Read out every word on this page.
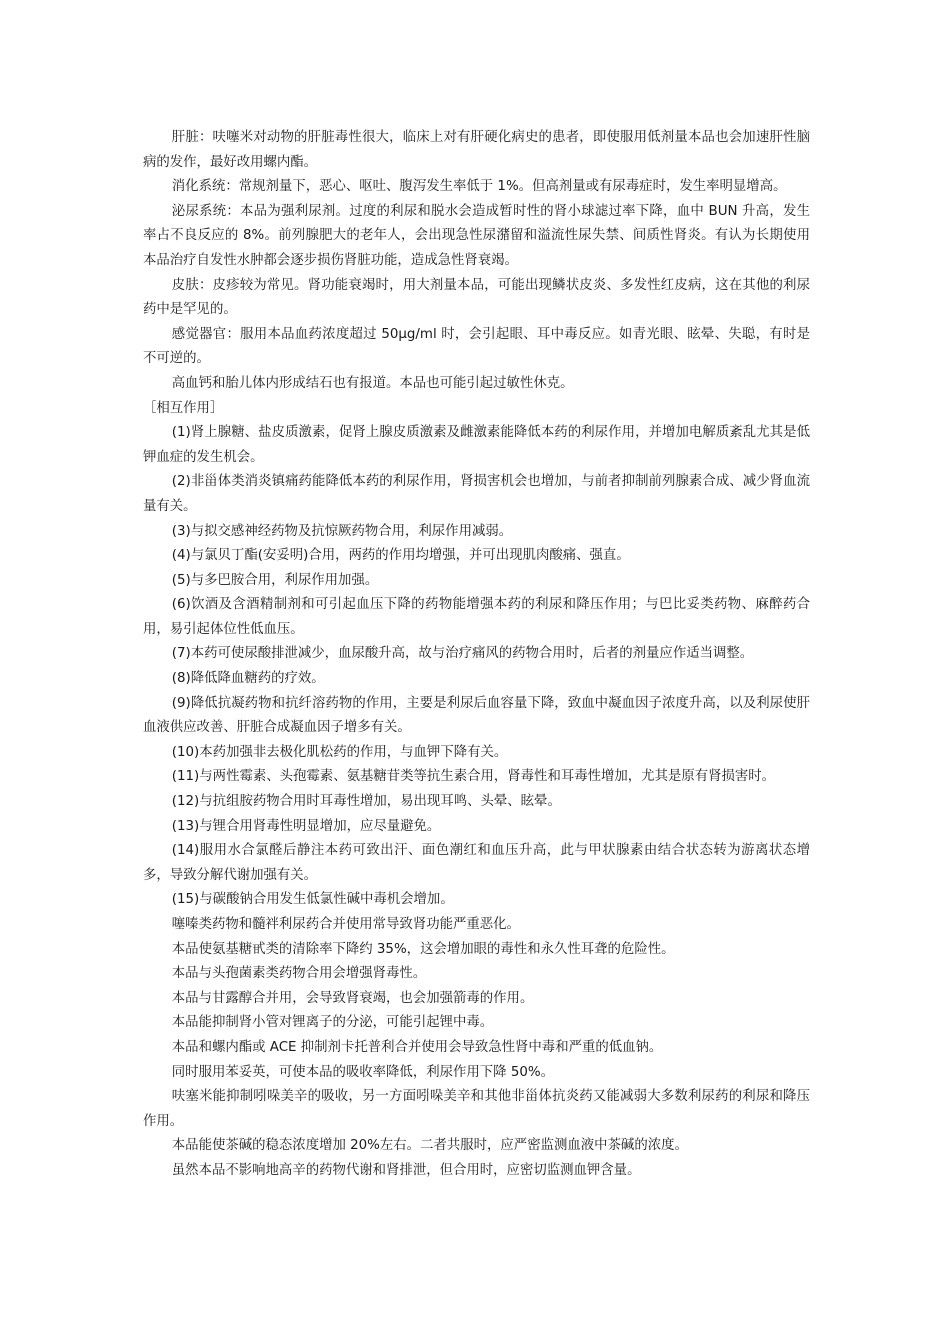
肝脏：呋噻米对动物的肝脏毒性很大，临床上对有肝硬化病史的患者，即使服用低剂量本品也会加速肝性脑病的发作，最好改用螺内酯。

消化系统：常规剂量下，恶心、呕吐、腹泻发生率低于 1%。但高剂量或有尿毒症时，发生率明显增高。

泌尿系统：本品为强利尿剂。过度的利尿和脱水会造成暂时性的肾小球滤过率下降，血中 BUN 升高，发生率占不良反应的 8%。前列腺肥大的老年人，会出现急性尿潴留和溢流性尿失禁、间质性肾炎。有认为长期使用本品治疗自发性水肿都会逐步损伤肾脏功能，造成急性肾衰竭。

皮肤：皮疹较为常见。肾功能衰竭时，用大剂量本品，可能出现鳞状皮炎、多发性红皮病，这在其他的利尿药中是罕见的。

感觉器官：服用本品血药浓度超过 50μg/ml 时，会引起眼、耳中毒反应。如青光眼、眩晕、失聪，有时是不可逆的。

高血钙和胎儿体内形成结石也有报道。本品也可能引起过敏性休克。

［相互作用］

(1)肾上腺糖、盐皮质激素，促肾上腺皮质激素及雌激素能降低本药的利尿作用，并增加电解质紊乱尤其是低钾血症的发生机会。

(2)非甾体类消炎镇痛药能降低本药的利尿作用，肾损害机会也增加，与前者抑制前列腺素合成、减少肾血流量有关。

(3)与拟交感神经药物及抗惊厥药物合用，利尿作用减弱。

(4)与氯贝丁酯(安妥明)合用，两药的作用均增强，并可出现肌肉酸痛、强直。

(5)与多巴胺合用，利尿作用加强。

(6)饮酒及含酒精制剂和可引起血压下降的药物能增强本药的利尿和降压作用；与巴比妥类药物、麻醉药合用，易引起体位性低血压。

(7)本药可使尿酸排泄减少，血尿酸升高，故与治疗痛风的药物合用时，后者的剂量应作适当调整。

(8)降低降血糖药的疗效。

(9)降低抗凝药物和抗纤溶药物的作用，主要是利尿后血容量下降，致血中凝血因子浓度升高，以及利尿使肝血液供应改善、肝脏合成凝血因子增多有关。

(10)本药加强非去极化肌松药的作用，与血钾下降有关。

(11)与两性霉素、头孢霉素、氨基糖苷类等抗生素合用，肾毒性和耳毒性增加，尤其是原有肾损害时。

(12)与抗组胺药物合用时耳毒性增加，易出现耳鸣、头晕、眩晕。

(13)与锂合用肾毒性明显增加，应尽量避免。

(14)服用水合氯醛后静注本药可致出汗、面色潮红和血压升高，此与甲状腺素由结合状态转为游离状态增多，导致分解代谢加强有关。

(15)与碳酸钠合用发生低氯性碱中毒机会增加。

噻嗪类药物和髓袢利尿药合并使用常导致肾功能严重恶化。

本品使氨基糖甙类的清除率下降约 35%，这会增加眼的毒性和永久性耳聋的危险性。

本品与头孢菌素类药物合用会增强肾毒性。

本品与甘露醇合并用，会导致肾衰竭，也会加强箭毒的作用。

本品能抑制肾小管对锂离子的分泌，可能引起锂中毒。

本品和螺内酯或 ACE 抑制剂卡托普利合并使用会导致急性肾中毒和严重的低血钠。

同时服用苯妥英，可使本品的吸收率降低，利尿作用下降 50%。

呋塞米能抑制吲哚美辛的吸收，另一方面吲哚美辛和其他非甾体抗炎药又能减弱大多数利尿药的利尿和降压作用。

本品能使茶碱的稳态浓度增加 20%左右。二者共服时，应严密监测血液中茶碱的浓度。

虽然本品不影响地高辛的药物代谢和肾排泄，但合用时，应密切监测血钾含量。
